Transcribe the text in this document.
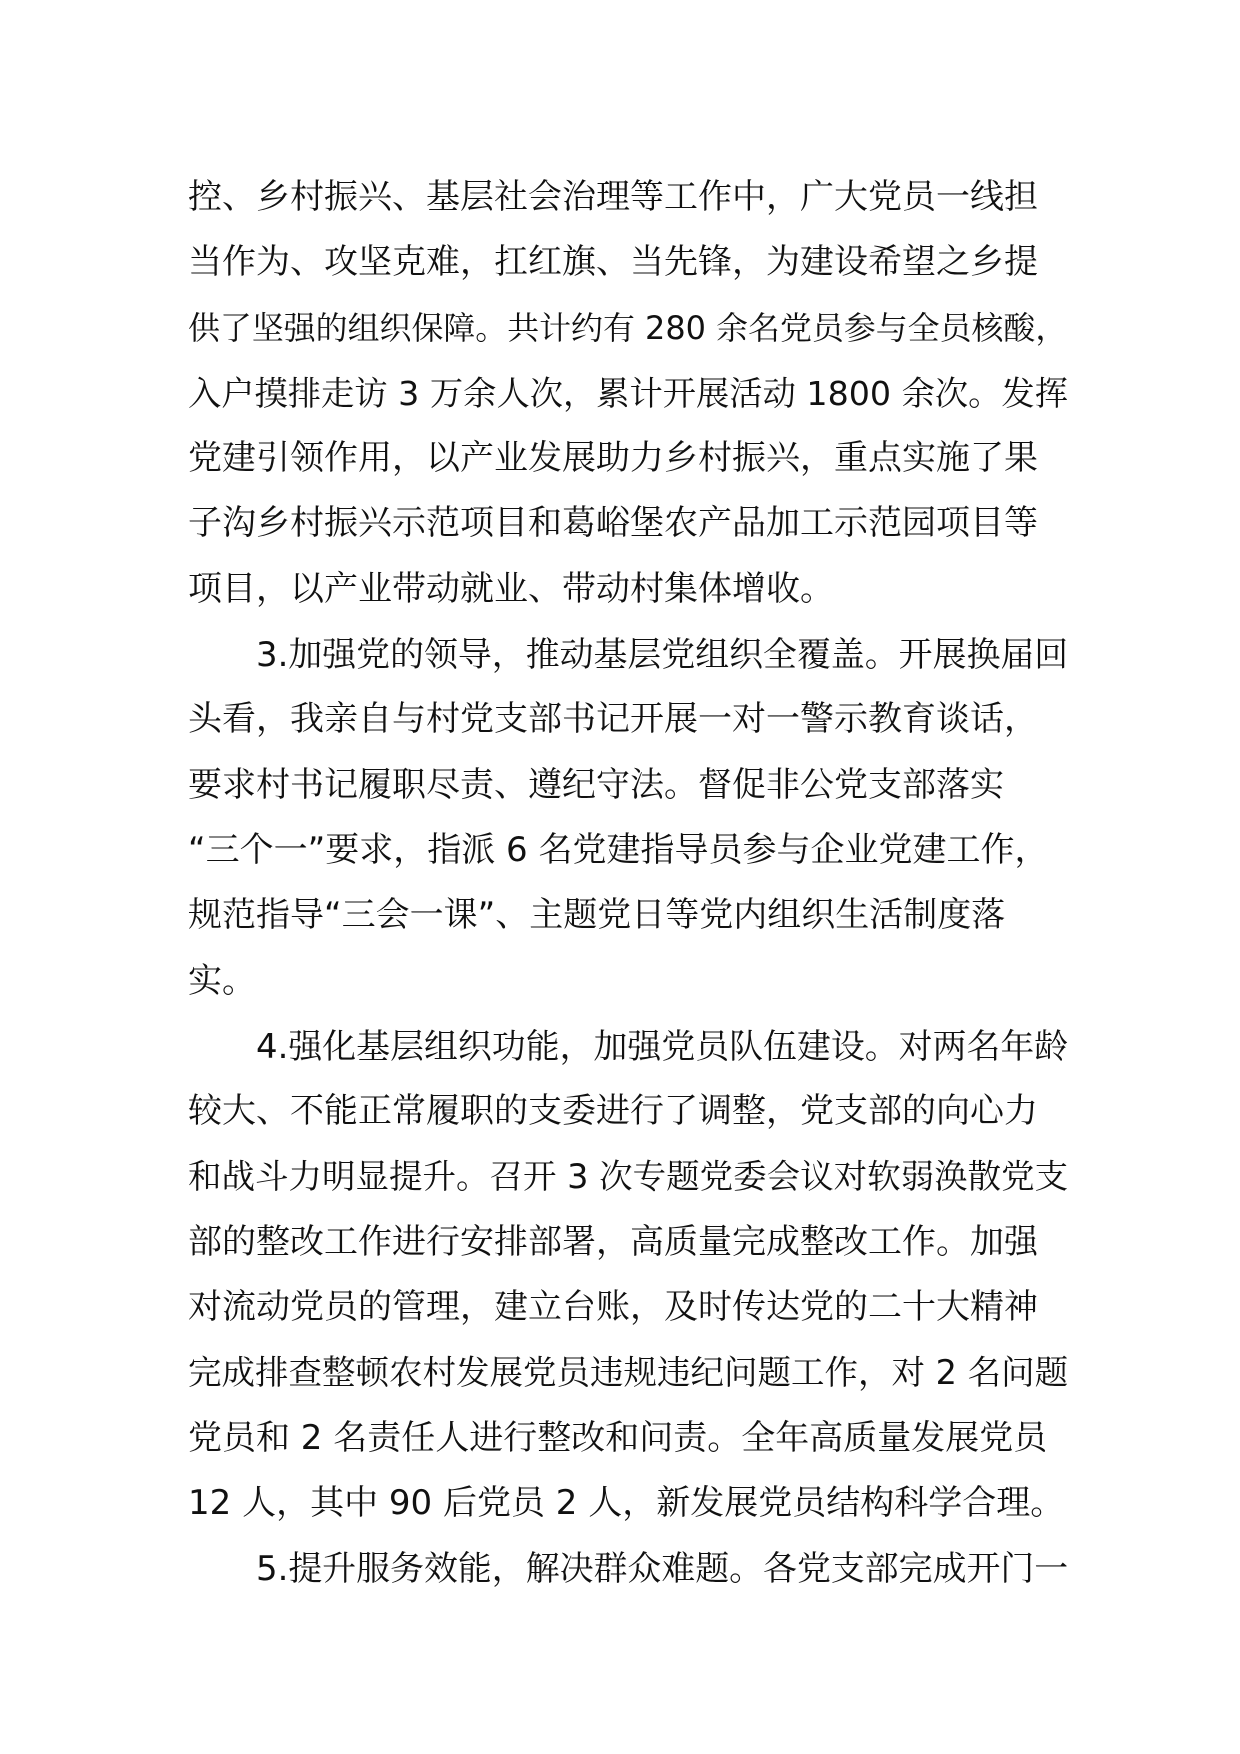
控、乡村振兴、基层社会治理等工作中，广大党员一线担
当作为、攻坚克难，扛红旗、当先锋，为建设希望之乡提
供了坚强的组织保障。共计约有 280 余名党员参与全员核酸，
入户摸排走访 3 万余人次，累计开展活动 1800 余次。发挥
党建引领作用，以产业发展助力乡村振兴，重点实施了果
子沟乡村振兴示范项目和葛峪堡农产品加工示范园项目等
项目，以产业带动就业、带动村集体增收。
3.加强党的领导，推动基层党组织全覆盖。开展换届回
头看，我亲自与村党支部书记开展一对一警示教育谈话，
要求村书记履职尽责、遵纪守法。督促非公党支部落实
“三个一”要求，指派 6 名党建指导员参与企业党建工作，
规范指导“三会一课”、主题党日等党内组织生活制度落
实。
4.强化基层组织功能，加强党员队伍建设。对两名年龄
较大、不能正常履职的支委进行了调整，党支部的向心力
和战斗力明显提升。召开 3 次专题党委会议对软弱涣散党支
部的整改工作进行安排部署，高质量完成整改工作。加强
对流动党员的管理，建立台账，及时传达党的二十大精神
完成排查整顿农村发展党员违规违纪问题工作，对 2 名问题
党员和 2 名责任人进行整改和问责。全年高质量发展党员
12 人，其中 90 后党员 2 人，新发展党员结构科学合理。
5.提升服务效能，解决群众难题。各党支部完成开门一
